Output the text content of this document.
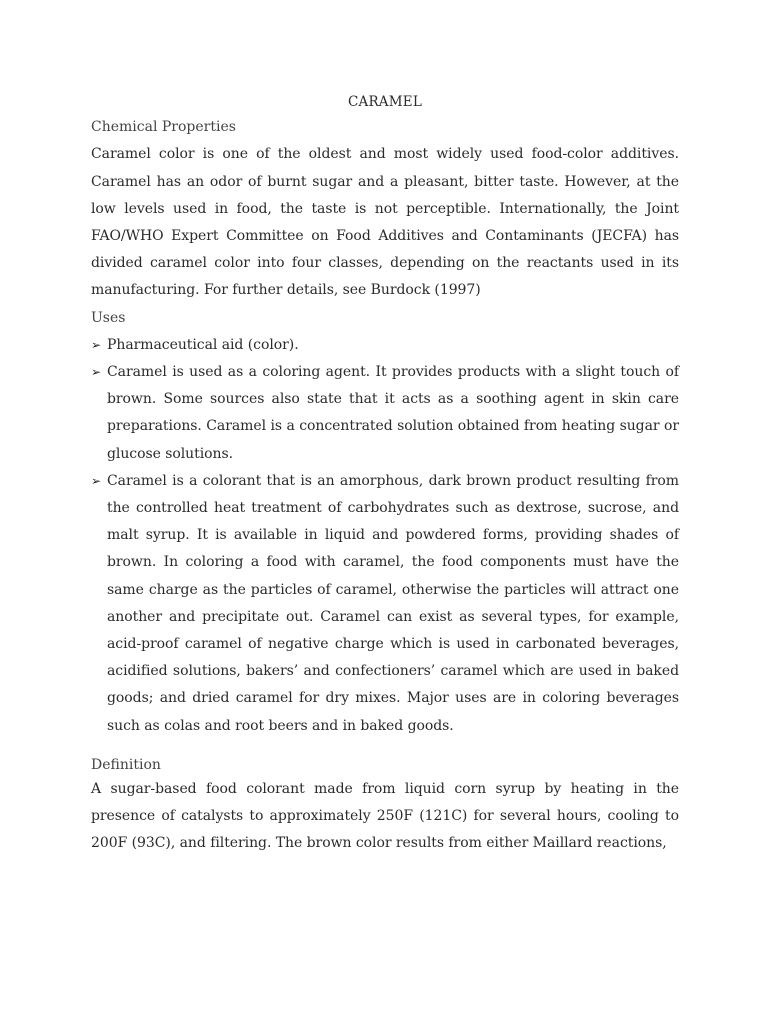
CARAMEL
Chemical Properties

Caramel color is one of the oldest and most widely used food-color additives. Caramel has an odor of burnt sugar and a pleasant, bitter taste. However, at the low levels used in food, the taste is not perceptible. Internationally, the Joint FAO/WHO Expert Committee on Food Additives and Contaminants (JECFA) has divided caramel color into four classes, depending on the reactants used in its manufacturing. For further details, see Burdock (1997)

Uses
➢ Pharmaceutical aid (color).
➢ Caramel is used as a coloring agent. It provides products with a slight touch of brown. Some sources also state that it acts as a soothing agent in skin care preparations. Caramel is a concentrated solution obtained from heating sugar or glucose solutions.
➢ Caramel is a colorant that is an amorphous, dark brown product resulting from the controlled heat treatment of carbohydrates such as dextrose, sucrose, and malt syrup. It is available in liquid and powdered forms, providing shades of brown. In coloring a food with caramel, the food components must have the same charge as the particles of caramel, otherwise the particles will attract one another and precipitate out. Caramel can exist as several types, for example, acid-proof caramel of negative charge which is used in carbonated beverages, acidified solutions, bakers’ and confectioners’ caramel which are used in baked goods; and dried caramel for dry mixes. Major uses are in coloring beverages such as colas and root beers and in baked goods.
Definition

A sugar-based food colorant made from liquid corn syrup by heating in the presence of catalysts to approximately 250F (121C) for several hours, cooling to 200F (93C), and filtering. The brown color results from either Maillard reactions,
